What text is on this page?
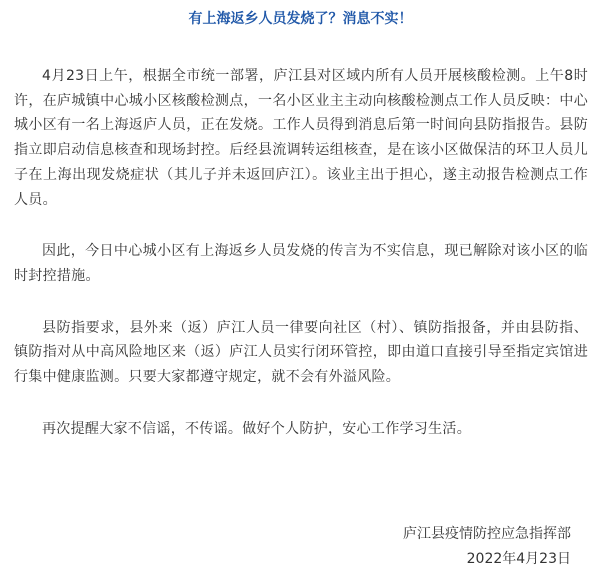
有上海返乡人员发烧了？消息不实！

4月23日上午，根据全市统一部署，庐江县对区域内所有人员开展核酸检测。上午8时许，在庐城镇中心城小区核酸检测点，一名小区业主主动向核酸检测点工作人员反映：中心城小区有一名上海返庐人员，正在发烧。工作人员得到消息后第一时间向县防指报告。县防指立即启动信息核查和现场封控。后经县流调转运组核查，是在该小区做保洁的环卫人员儿子在上海出现发烧症状（其儿子并未返回庐江）。该业主出于担心，遂主动报告检测点工作人员。

因此，今日中心城小区有上海返乡人员发烧的传言为不实信息，现已解除对该小区的临时封控措施。

县防指要求，县外来（返）庐江人员一律要向社区（村）、镇防指报备，并由县防指、镇防指对从中高风险地区来（返）庐江人员实行闭环管控，即由道口直接引导至指定宾馆进行集中健康监测。只要大家都遵守规定，就不会有外溢风险。

再次提醒大家不信谣，不传谣。做好个人防护，安心工作学习生活。

庐江县疫情防控应急指挥部
2022年4月23日
